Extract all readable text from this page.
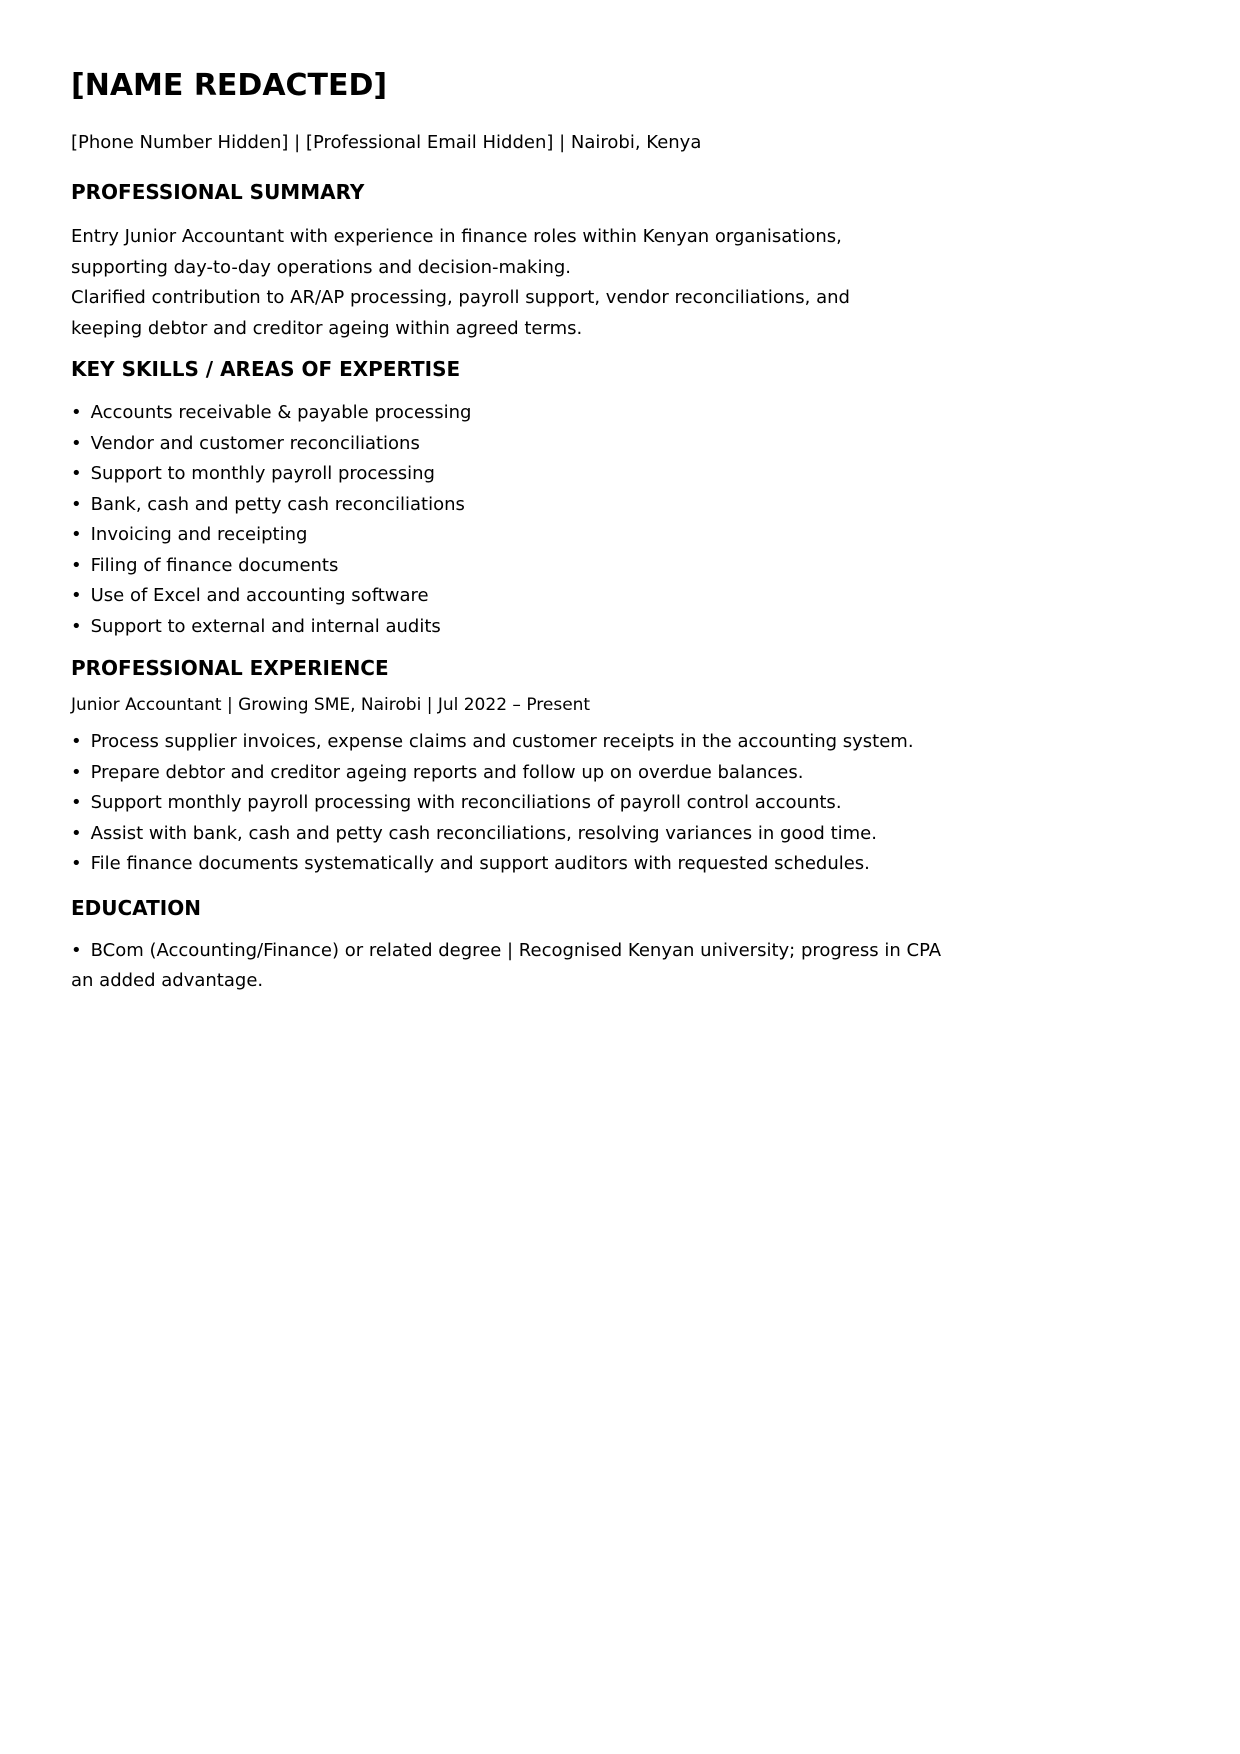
[NAME REDACTED]
[Phone Number Hidden] | [Professional Email Hidden] | Nairobi, Kenya
PROFESSIONAL SUMMARY
Entry Junior Accountant with experience in finance roles within Kenyan organisations,
supporting day-to-day operations and decision-making.
Clarified contribution to AR/AP processing, payroll support, vendor reconciliations, and
keeping debtor and creditor ageing within agreed terms.
KEY SKILLS / AREAS OF EXPERTISE
• Accounts receivable & payable processing
• Vendor and customer reconciliations
• Support to monthly payroll processing
• Bank, cash and petty cash reconciliations
• Invoicing and receipting
• Filing of finance documents
• Use of Excel and accounting software
• Support to external and internal audits
PROFESSIONAL EXPERIENCE
Junior Accountant | Growing SME, Nairobi | Jul 2022 – Present
• Process supplier invoices, expense claims and customer receipts in the accounting system.
• Prepare debtor and creditor ageing reports and follow up on overdue balances.
• Support monthly payroll processing with reconciliations of payroll control accounts.
• Assist with bank, cash and petty cash reconciliations, resolving variances in good time.
• File finance documents systematically and support auditors with requested schedules.
EDUCATION
• BCom (Accounting/Finance) or related degree | Recognised Kenyan university; progress in CPA
an added advantage.
